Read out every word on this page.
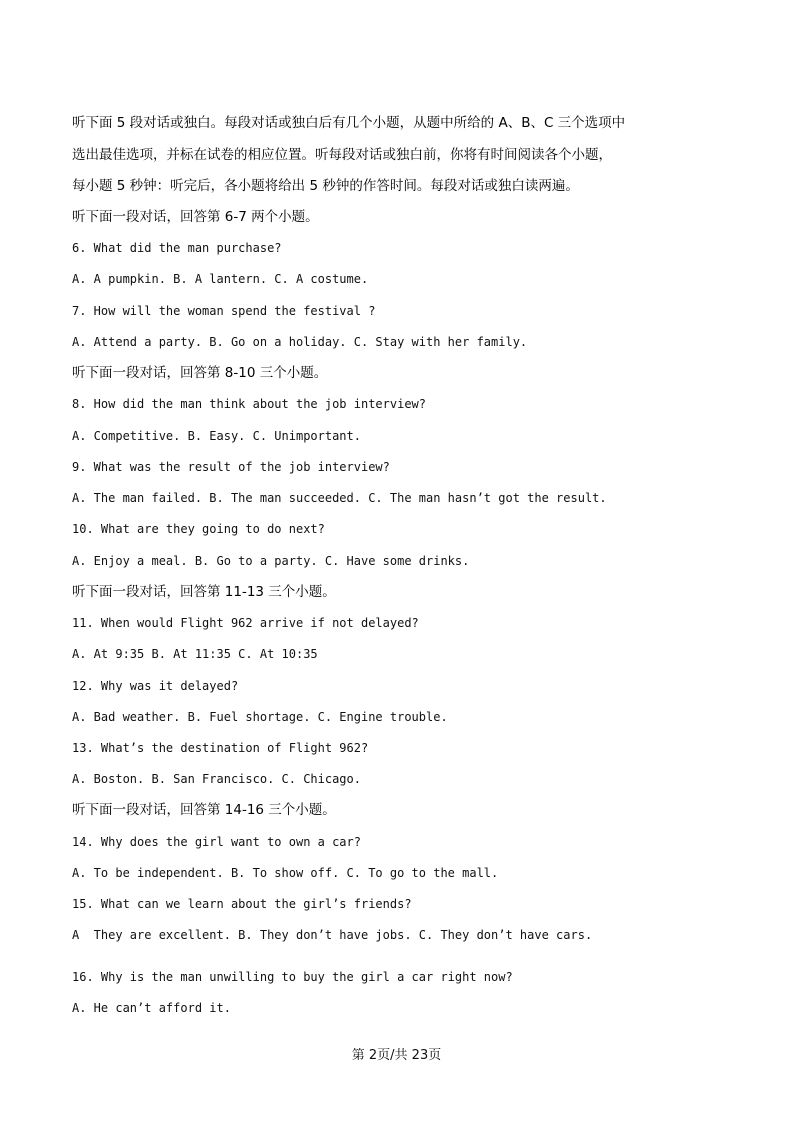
听下面 5 段对话或独白。每段对话或独白后有几个小题，从题中所给的 A、B、C 三个选项中
选出最佳选项，并标在试卷的相应位置。听每段对话或独白前，你将有时间阅读各个小题，
每小题 5 秒钟：听完后，各小题将给出 5 秒钟的作答时间。每段对话或独白读两遍。
听下面一段对话，回答第 6-7 两个小题。
6. What did the man purchase?
A. A pumpkin. B. A lantern. C. A costume.
7. How will the woman spend the festival ?
A. Attend a party. B. Go on a holiday. C. Stay with her family.
听下面一段对话，回答第 8-10 三个小题。
8. How did the man think about the job interview?
A. Competitive. B. Easy. C. Unimportant.
9. What was the result of the job interview?
A. The man failed. B. The man succeeded. C. The man hasn’t got the result.
10. What are they going to do next?
A. Enjoy a meal. B. Go to a party. C. Have some drinks.
听下面一段对话，回答第 11-13 三个小题。
11. When would Flight 962 arrive if not delayed?
A. At 9:35 B. At 11:35 C. At 10:35
12. Why was it delayed?
A. Bad weather. B. Fuel shortage. C. Engine trouble.
13. What’s the destination of Flight 962?
A. Boston. B. San Francisco. C. Chicago.
听下面一段对话，回答第 14-16 三个小题。
14. Why does the girl want to own a car?
A. To be independent. B. To show off. C. To go to the mall.
15. What can we learn about the girl’s friends?
A  They are excellent. B. They don’t have jobs. C. They don’t have cars.
16. Why is the man unwilling to buy the girl a car right now?
A. He can’t afford it.
第 2页/共 23页
